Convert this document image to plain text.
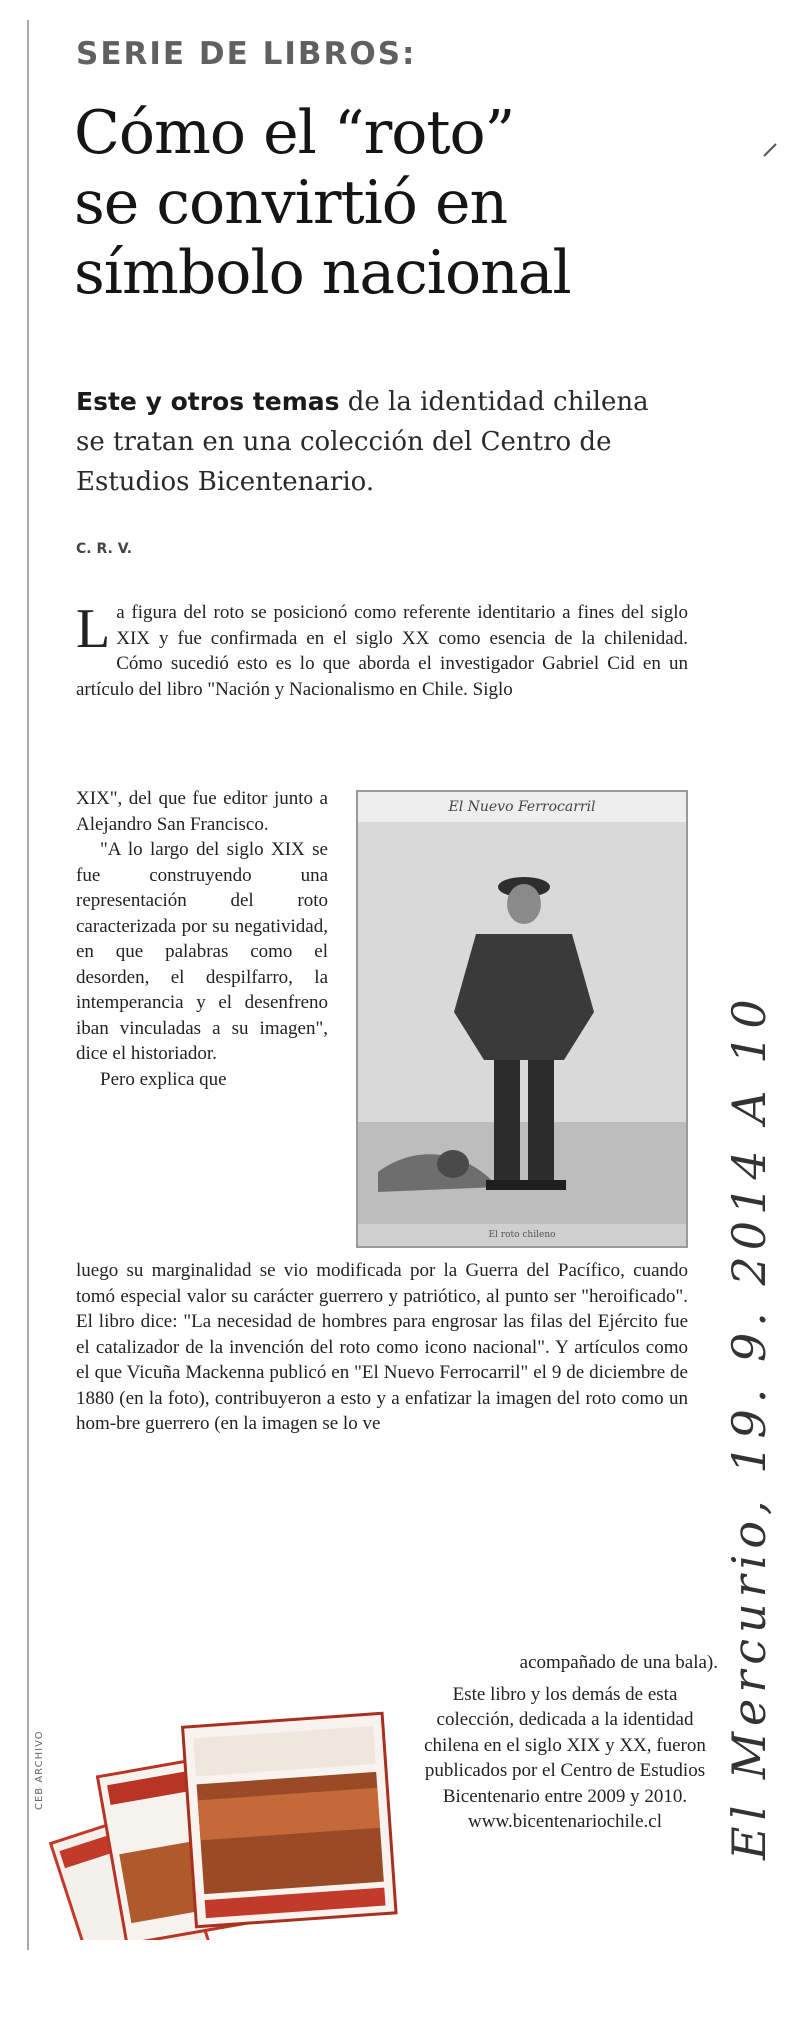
SERIE DE LIBROS:
Cómo el “roto”
se convirtió en
símbolo nacional
Este y otros temas de la identidad chilena se tratan en una colección del Centro de Estudios Bicentenario.
C. R. V.

La figura del roto se posicionó como referente identitario a fines del siglo XIX y fue confirmada en el siglo XX como esencia de la chilenidad. Cómo sucedió esto es lo que aborda el investigador Gabriel Cid en un artículo del libro "Nación y Nacionalismo en Chile. Siglo

XIX", del que fue editor junto a Alejandro San Francisco.

"A lo largo del siglo XIX se fue construyendo una representación del roto caracterizada por su negatividad, en que palabras como el desorden, el despilfarro, la intemperancia y el desenfreno iban vinculadas a su imagen", dice el historiador.

Pero explica que

El Nuevo Ferrocarril
El roto chileno

luego su marginalidad se vio modificada por la Guerra del Pacífico, cuando tomó especial valor su carácter guerrero y patriótico, al punto ser "heroificado". El libro dice: "La necesidad de hombres para engrosar las filas del Ejército fue el catalizador de la invención del roto como icono nacional". Y artículos como el que Vicuña Mackenna publicó en "El Nuevo Ferrocarril" el 9 de diciembre de 1880 (en la foto), contribuyeron a esto y a enfatizar la imagen del roto como un hom-bre guerrero (en la imagen se lo ve

acompañado de una bala).

Este libro y los demás de esta colección, dedicada a la identidad chilena en el siglo XIX y XX, fueron publicados por el Centro de Estudios Bicentenario entre 2009 y 2010. www.bicentenariochile.cl

CEB ARCHIVO	El Mercurio, 19. 9. 2014 A 10
